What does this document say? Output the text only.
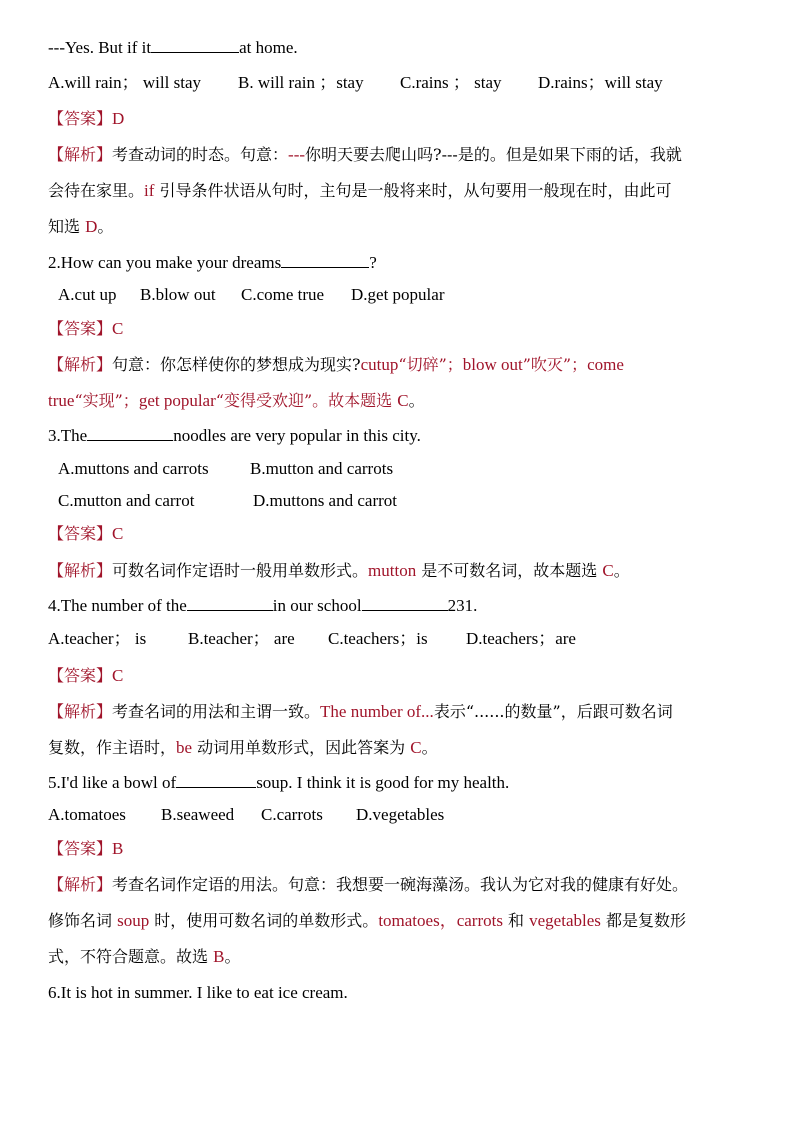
---Yes. But if it	at home.
A.will rain； will stay B. will rain ；stay C.rains ； stay D.rains；will stay
【答案】D
【解析】考查动词的时态。句意：---你明天要去爬山吗?---是的。但是如果下雨的话，我就
会待在家里。if 引导条件状语从句时，主句是一般将来时，从句要用一般现在时，由此可
知选 D。
2.How can you make your dreams	?
A.cut up B.blow out C.come true D.get popular
【答案】C
【解析】句意：你怎样使你的梦想成为现实?cutup“切碎”；blow out”吹灭”；come
true“实现”；get popular“变得受欢迎”。故本题选 C。
3.The	noodles are very popular in this city.
A.muttons and carrots B.mutton and carrots
C.mutton and carrot	D.muttons and carrot
【答案】C
【解析】可数名词作定语时一般用单数形式。mutton 是不可数名词，故本题选 C。
4.The number of the	in our school	231.
A.teacher； is B.teacher； are C.teachers；is D.teachers；are
【答案】C
【解析】考查名词的用法和主谓一致。The number of...表示“......的数量”，后跟可数名词
复数，作主语时，be 动词用单数形式，因此答案为 C。
5.I'd like a bowl of	soup. I think it is good for my health.
A.tomatoes B.seaweed C.carrots D.vegetables
【答案】B
【解析】考查名词作定语的用法。句意：我想要一碗海藻汤。我认为它对我的健康有好处。
修饰名词 soup 时，使用可数名词的单数形式。tomatoes，carrots 和 vegetables 都是复数形
式，不符合题意。故选 B。
6.It is hot in summer. I like to eat ice cream.
